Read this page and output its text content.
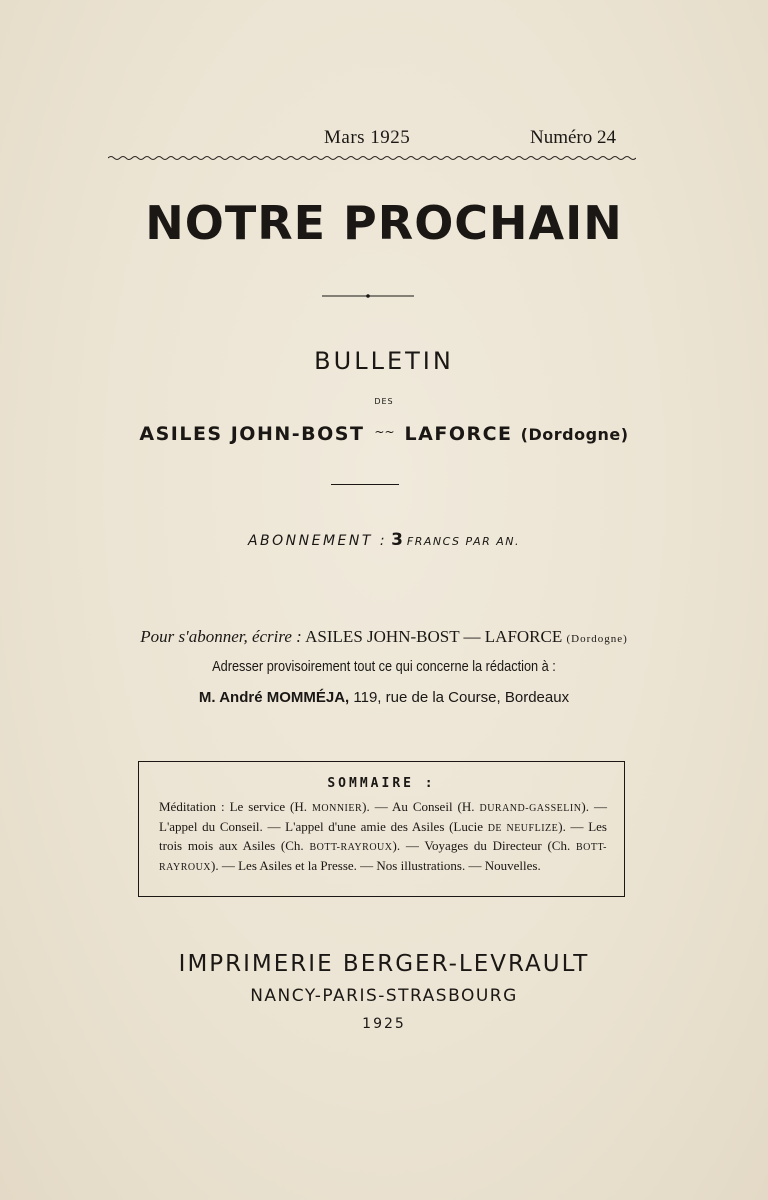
Mars 1925	Numéro 24
NOTRE PROCHAIN
BULLETIN
DES
ASILES JOHN-BOST ~~ LAFORCE (Dordogne)
ABONNEMENT : 3 FRANCS PAR AN.
Pour s'abonner, écrire : ASILES JOHN-BOST — LAFORCE (Dordogne)
Adresser provisoirement tout ce qui concerne la rédaction à :
M. André MOMMÉJA, 119, rue de la Course, Bordeaux
SOMMAIRE :
Méditation : Le service (H. MONNIER). — Au Conseil (H. DURAND-GASSELIN). — L'appel du Conseil. — L'appel d'une amie des Asiles (Lucie DE NEUFLIZE). — Les trois mois aux Asiles (Ch. BOTT-RAYROUX). — Voyages du Directeur (Ch. BOTT-RAYROUX). — Les Asiles et la Presse. — Nos illustrations. — Nouvelles.
IMPRIMERIE BERGER-LEVRAULT
NANCY-PARIS-STRASBOURG
1925
